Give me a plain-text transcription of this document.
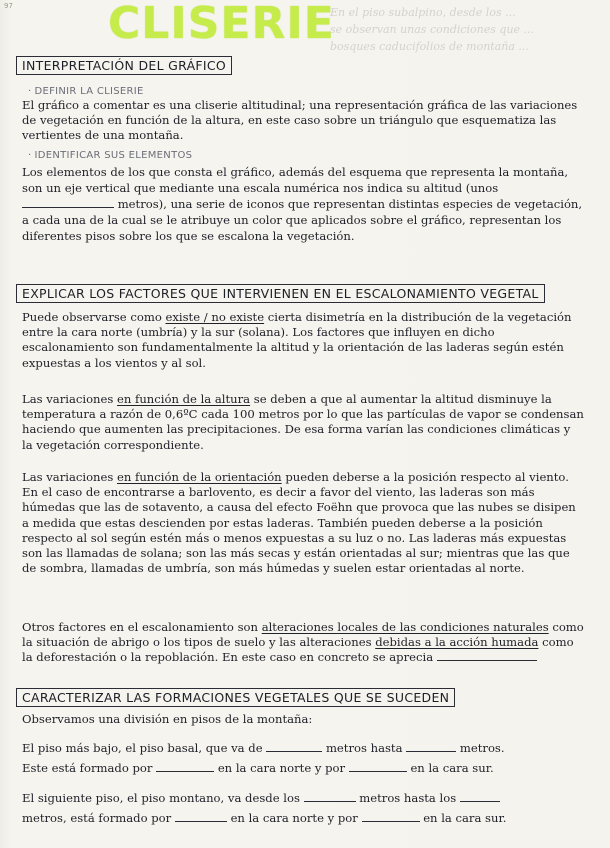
97 CLISERIE
En el piso subalpino, desde los ...
se observan unas condiciones que ...
bosques caducifolios de montaña ...
INTERPRETACIÓN DEL GRÁFICO
· DEFINIR LA CLISERIE
El gráfico a comentar es una cliserie altitudinal; una representación gráfica de las variaciones de vegetación en función de la altura, en este caso sobre un triángulo que esquematiza las vertientes de una montaña.
· IDENTIFICAR SUS ELEMENTOS
Los elementos de los que consta el gráfico, además del esquema que representa la montaña, son un eje vertical que mediante una escala numérica nos indica su altitud (unos  metros), una serie de iconos que representan distintas especies de vegetación, a cada una de la cual se le atribuye un color que aplicados sobre el gráfico, representan los diferentes pisos sobre los que se escalona la vegetación.
EXPLICAR LOS FACTORES QUE INTERVIENEN EN EL ESCALONAMIENTO VEGETAL
Puede observarse como existe / no existe cierta disimetría en la distribución de la vegetación entre la cara norte (umbría) y la sur (solana). Los factores que influyen en dicho escalonamiento son fundamentalmente la altitud y la orientación de las laderas según estén expuestas a los vientos y al sol.
Las variaciones en función de la altura se deben a que al aumentar la altitud disminuye la temperatura a razón de 0,6ºC cada 100 metros por lo que las partículas de vapor se condensan haciendo que aumenten las precipitaciones. De esa forma varían las condiciones climáticas y la vegetación correspondiente.
Las variaciones en función de la orientación pueden deberse a la posición respecto al viento. En el caso de encontrarse a barlovento, es decir a favor del viento, las laderas son más húmedas que las de sotavento, a causa del efecto Foëhn que provoca que las nubes se disipen a medida que estas descienden por estas laderas. También pueden deberse a la posición respecto al sol según estén más o menos expuestas a su luz o no. Las laderas más expuestas son las llamadas de solana; son las más secas y están orientadas al sur; mientras que las que de sombra, llamadas de umbría, son más húmedas y suelen estar orientadas al norte.
Otros factores en el escalonamiento son alteraciones locales de las condiciones naturales como la situación de abrigo o los tipos de suelo y las alteraciones debidas a la acción humada como la deforestación o la repoblación. En este caso en concreto se aprecia
CARACTERIZAR LAS FORMACIONES VEGETALES QUE SE SUCEDEN
Observamos una división en pisos de la montaña:
El piso más bajo, el piso basal, que va de	metros hasta	metros.
Este está formado por	en la cara norte y por	en la cara sur.
El siguiente piso, el piso montano, va desde los	metros hasta los
metros, está formado por	en la cara norte y por	en la cara sur.
